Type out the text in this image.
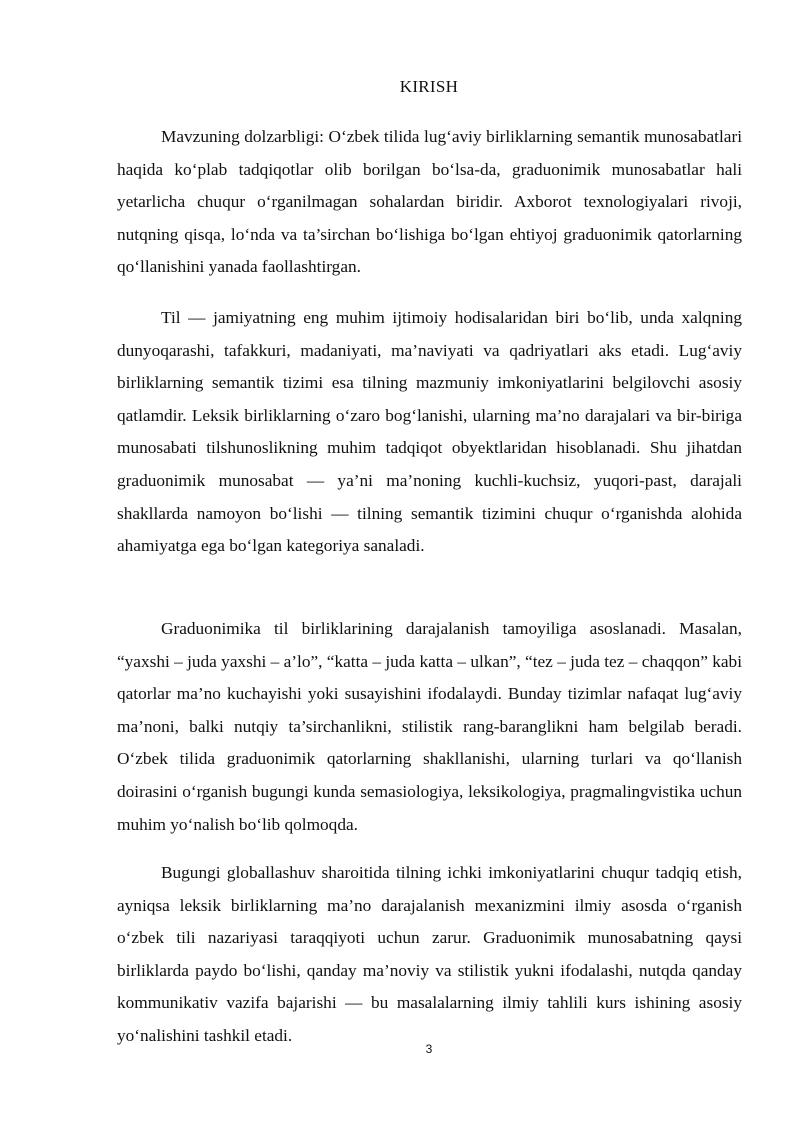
KIRISH

Mavzuning dolzarbligi: O‘zbek tilida lug‘aviy birliklarning semantik munosabatlari haqida ko‘plab tadqiqotlar olib borilgan bo‘lsa-da, graduonimik munosabatlar hali yetarlicha chuqur o‘rganilmagan sohalardan biridir. Axborot texnologiyalari rivoji, nutqning qisqa, lo‘nda va ta’sirchan bo‘lishiga bo‘lgan ehtiyoj graduonimik qatorlarning qo‘llanishini yanada faollashtirgan.

Til — jamiyatning eng muhim ijtimoiy hodisalaridan biri bo‘lib, unda xalqning dunyoqarashi, tafakkuri, madaniyati, ma’naviyati va qadriyatlari aks etadi. Lug‘aviy birliklarning semantik tizimi esa tilning mazmuniy imkoniyatlarini belgilovchi asosiy qatlamdir. Leksik birliklarning o‘zaro bog‘lanishi, ularning ma’no darajalari va bir-biriga munosabati tilshunoslikning muhim tadqiqot obyektlaridan hisoblanadi. Shu jihatdan graduonimik munosabat — ya’ni ma’noning kuchli-kuchsiz, yuqori-past, darajali shakllarda namoyon bo‘lishi — tilning semantik tizimini chuqur o‘rganishda alohida ahamiyatga ega bo‘lgan kategoriya sanaladi.

Graduonimika til birliklarining darajalanish tamoyiliga asoslanadi. Masalan, “yaxshi – juda yaxshi – a’lo”, “katta – juda katta – ulkan”, “tez – juda tez – chaqqon” kabi qatorlar ma’no kuchayishi yoki susayishini ifodalaydi. Bunday tizimlar nafaqat lug‘aviy ma’noni, balki nutqiy ta’sirchanlikni, stilistik rang-baranglikni ham belgilab beradi. O‘zbek tilida graduonimik qatorlarning shakllanishi, ularning turlari va qo‘llanish doirasini o‘rganish bugungi kunda semasiologiya, leksikologiya, pragmalingvistika uchun muhim yo‘nalish bo‘lib qolmoqda.

Bugungi globallashuv sharoitida tilning ichki imkoniyatlarini chuqur tadqiq etish, ayniqsa leksik birliklarning ma’no darajalanish mexanizmini ilmiy asosda o‘rganish o‘zbek tili nazariyasi taraqqiyoti uchun zarur. Graduonimik munosabatning qaysi birliklarda paydo bo‘lishi, qanday ma’noviy va stilistik yukni ifodalashi, nutqda qanday kommunikativ vazifa bajarishi — bu masalalarning ilmiy tahlili kurs ishining asosiy yo‘nalishini tashkil etadi.

3
